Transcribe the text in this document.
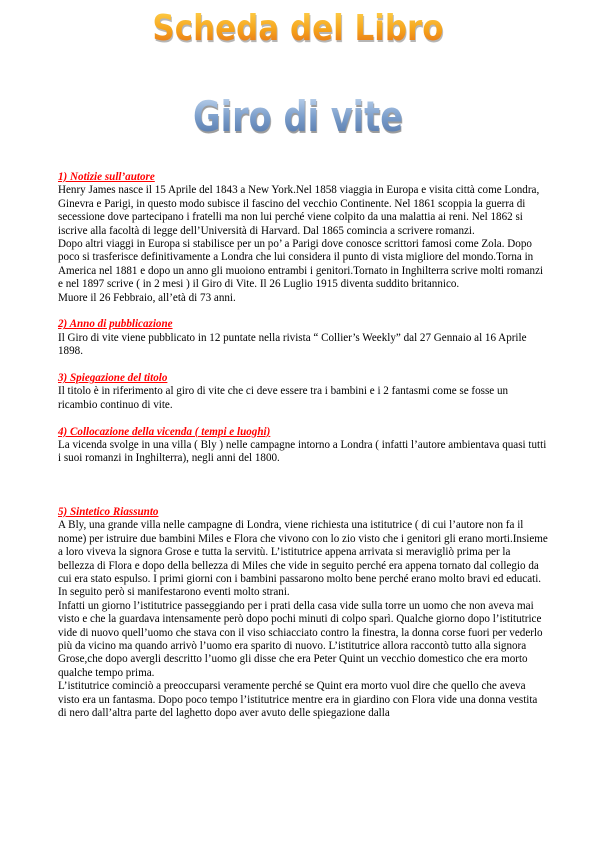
Scheda del Libro
Giro di vite
1) Notizie sull’autore

Henry James nasce il 15 Aprile del 1843 a New York.Nel 1858 viaggia in Europa e visita città come Londra, Ginevra e Parigi, in questo modo subisce il fascino del vecchio Continente. Nel 1861 scoppia la guerra di secessione dove partecipano i fratelli ma non lui perché viene colpito da una malattia ai reni. Nel 1862 si iscrive alla facoltà di legge dell’Università di Harvard. Dal 1865 comincia a scrivere romanzi.

Dopo altri viaggi in Europa si stabilisce per un po’ a Parigi dove conosce scrittori famosi come Zola. Dopo poco si trasferisce definitivamente a Londra che lui considera il punto di vista migliore del mondo.Torna in America nel 1881 e dopo un anno gli muoiono entrambi i genitori.Tornato in Inghilterra scrive molti romanzi e nel 1897 scrive ( in 2 mesi ) il Giro di Vite. Il 26 Luglio 1915 diventa suddito britannico.

Muore il 26 Febbraio, all’età di 73 anni.

2) Anno di pubblicazione

Il Giro di vite viene pubblicato in 12 puntate nella rivista “ Collier’s Weekly” dal 27 Gennaio al 16 Aprile 1898.

3) Spiegazione del titolo

Il titolo è in riferimento al giro di vite che ci deve essere tra i bambini e i 2 fantasmi come se fosse un ricambio continuo di vite.

4) Collocazione della vicenda ( tempi e luoghi)

La vicenda svolge in una villa ( Bly ) nelle campagne intorno a Londra ( infatti l’autore ambientava quasi tutti i suoi romanzi in Inghilterra), negli anni del 1800.

5) Sintetico Riassunto

A Bly, una grande villa nelle campagne di Londra, viene richiesta una istitutrice ( di cui l’autore non fa il nome) per istruire due bambini Miles e Flora che vivono con lo zio visto che i genitori gli erano morti.Insieme a loro viveva la signora Grose e tutta la servitù. L’istitutrice appena arrivata si meravigliò prima per la bellezza di Flora e dopo della bellezza di Miles che vide in seguito perché era appena tornato dal collegio da cui era stato espulso. I primi giorni con i bambini passarono molto bene perché erano molto bravi ed educati. In seguito però si manifestarono eventi molto strani.

Infatti un giorno l’istitutrice passeggiando per i prati della casa vide sulla torre un uomo che non aveva mai visto e che la guardava intensamente però dopo pochi minuti di colpo sparì. Qualche giorno dopo l’istitutrice vide di nuovo quell’uomo che stava con il viso schiacciato contro la finestra, la donna corse fuori per vederlo più da vicino ma quando arrivò l’uomo era sparito di nuovo. L’istitutrice allora raccontò tutto alla signora Grose,che dopo avergli descritto l’uomo gli disse che era Peter Quint un vecchio domestico che era morto qualche tempo prima.

L’istitutrice cominciò a preoccuparsi veramente perché se Quint era morto vuol dire che quello che aveva visto era un fantasma. Dopo poco tempo l’istitutrice mentre era in giardino con Flora vide una donna vestita di nero dall’altra parte del laghetto dopo aver avuto delle spiegazione dalla
